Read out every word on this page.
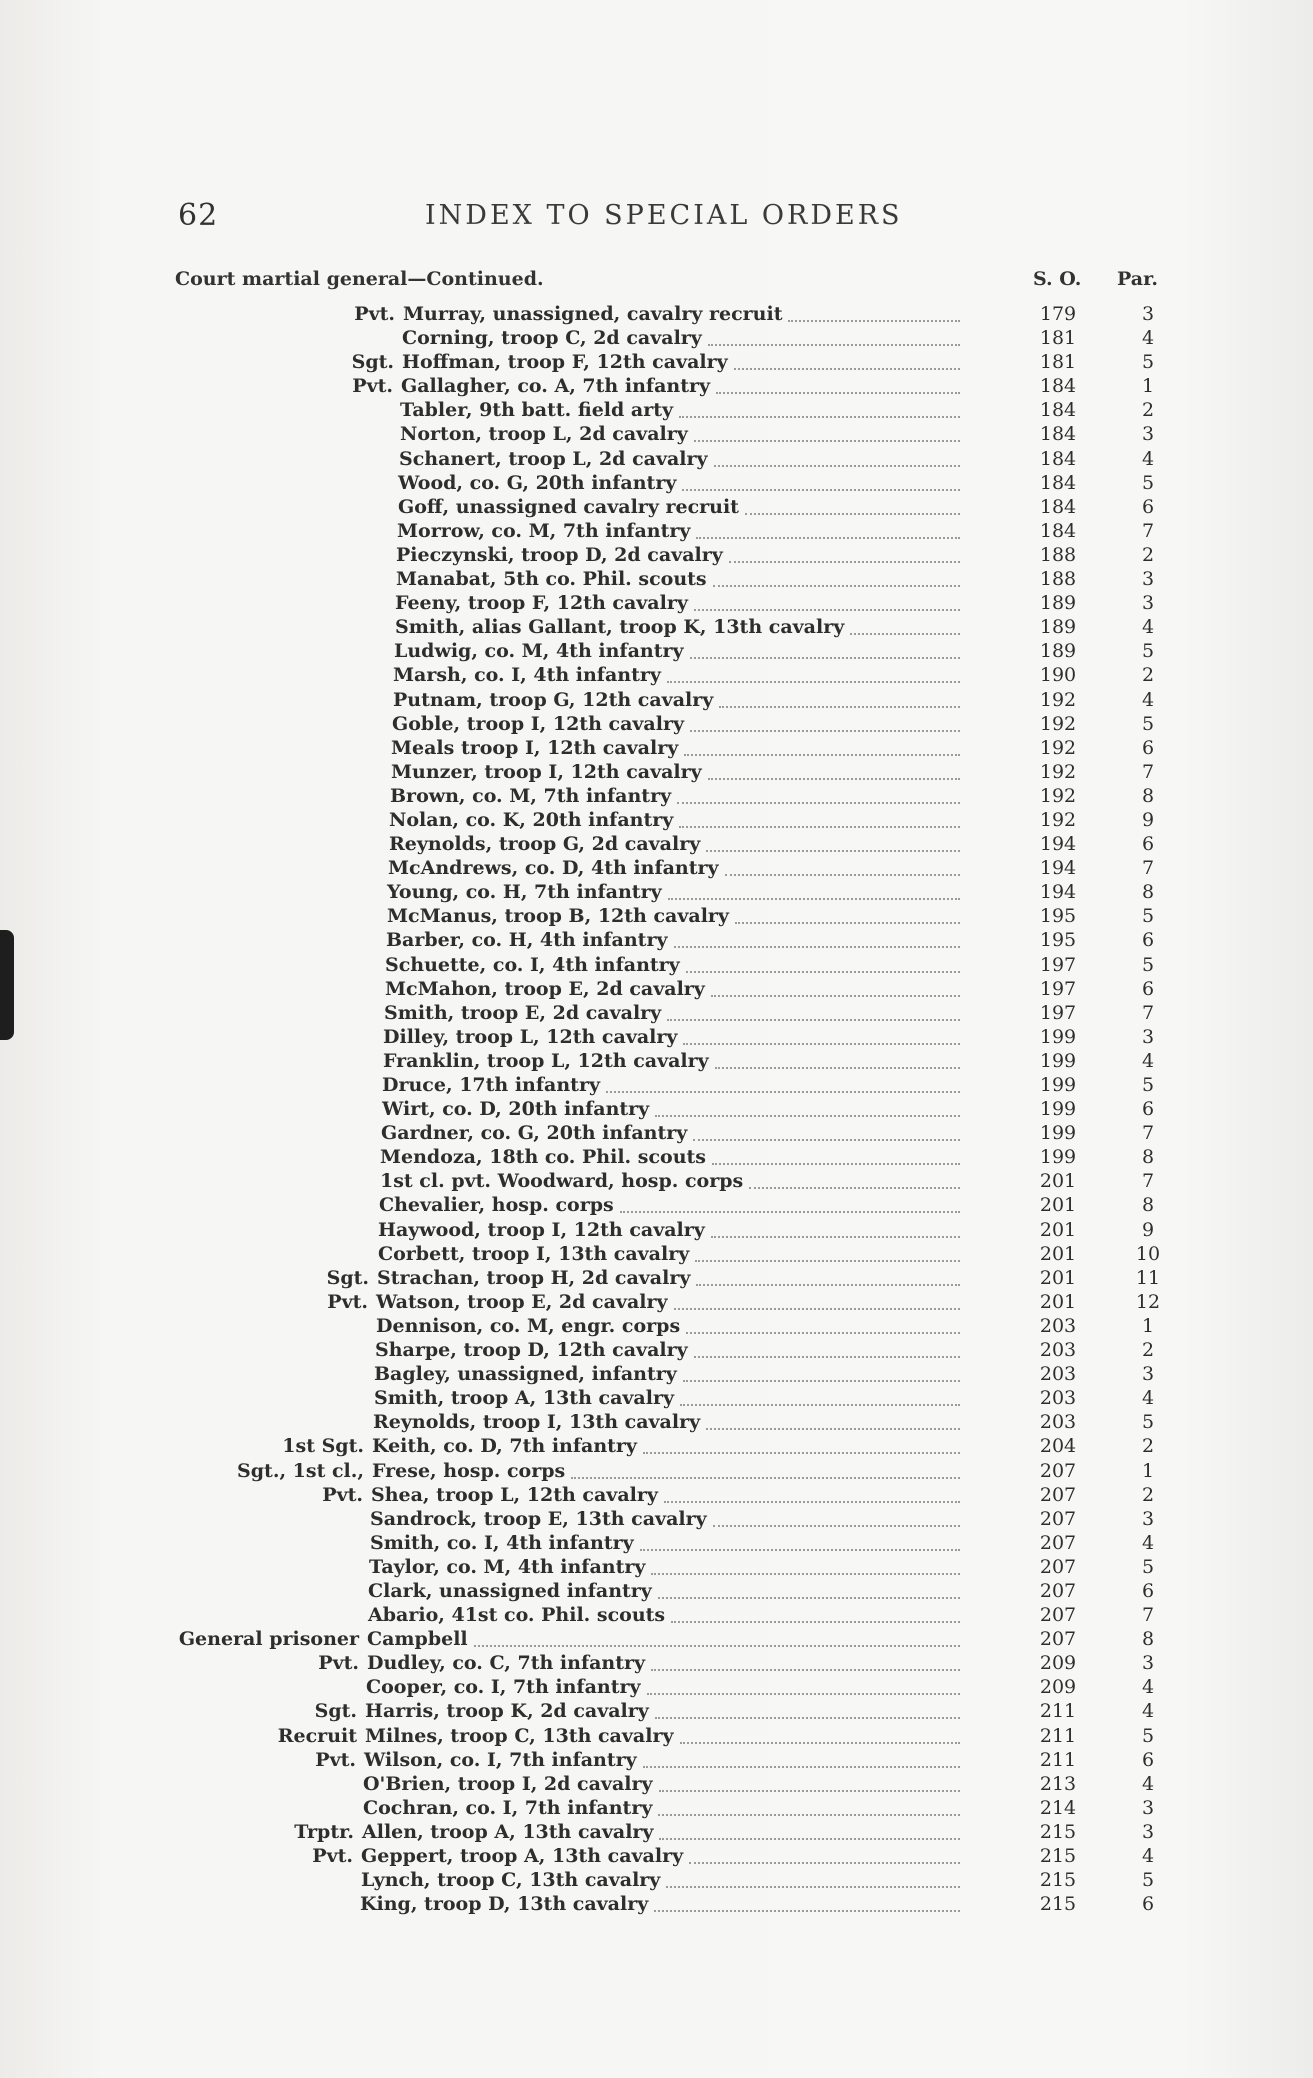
62	INDEX TO SPECIAL ORDERS
Court martial general—Continued.	S. O. Par.
Pvt. Murray, unassigned, cavalry recruit	179	3
Corning, troop C, 2d cavalry	181	4
Sgt. Hoffman, troop F, 12th cavalry	181	5
Pvt. Gallagher, co. A, 7th infantry	184	1
Tabler, 9th batt. field arty	184	2
Norton, troop L, 2d cavalry	184	3
Schanert, troop L, 2d cavalry	184	4
Wood, co. G, 20th infantry	184	5
Goff, unassigned cavalry recruit	184	6
Morrow, co. M, 7th infantry	184	7
Pieczynski, troop D, 2d cavalry	188	2
Manabat, 5th co. Phil. scouts	188	3
Feeny, troop F, 12th cavalry	189	3
Smith, alias Gallant, troop K, 13th cavalry	189	4
Ludwig, co. M, 4th infantry	189	5
Marsh, co. I, 4th infantry	190	2
Putnam, troop G, 12th cavalry	192	4
Goble, troop I, 12th cavalry	192	5
Meals troop I, 12th cavalry	192	6
Munzer, troop I, 12th cavalry	192	7
Brown, co. M, 7th infantry	192	8
Nolan, co. K, 20th infantry	192	9
Reynolds, troop G, 2d cavalry	194	6
McAndrews, co. D, 4th infantry	194	7
Young, co. H, 7th infantry	194	8
McManus, troop B, 12th cavalry	195	5
Barber, co. H, 4th infantry	195	6
Schuette, co. I, 4th infantry	197	5
McMahon, troop E, 2d cavalry	197	6
Smith, troop E, 2d cavalry	197	7
Dilley, troop L, 12th cavalry	199	3
Franklin, troop L, 12th cavalry	199	4
Druce, 17th infantry	199	5
Wirt, co. D, 20th infantry	199	6
Gardner, co. G, 20th infantry	199	7
Mendoza, 18th co. Phil. scouts	199	8
1st cl. pvt. Woodward, hosp. corps	201	7
Chevalier, hosp. corps	201	8
Haywood, troop I, 12th cavalry	201	9
Corbett, troop I, 13th cavalry	201	10
Sgt. Strachan, troop H, 2d cavalry	201	11
Pvt. Watson, troop E, 2d cavalry	201	12
Dennison, co. M, engr. corps	203	1
Sharpe, troop D, 12th cavalry	203	2
Bagley, unassigned, infantry	203	3
Smith, troop A, 13th cavalry	203	4
Reynolds, troop I, 13th cavalry	203	5
1st Sgt. Keith, co. D, 7th infantry	204	2
Sgt., 1st cl., Frese, hosp. corps	207	1
Pvt. Shea, troop L, 12th cavalry	207	2
Sandrock, troop E, 13th cavalry	207	3
Smith, co. I, 4th infantry	207	4
Taylor, co. M, 4th infantry	207	5
Clark, unassigned infantry	207	6
Abario, 41st co. Phil. scouts	207	7
General prisoner Campbell	207	8
Pvt. Dudley, co. C, 7th infantry	209	3
Cooper, co. I, 7th infantry	209	4
Sgt. Harris, troop K, 2d cavalry	211	4
Recruit Milnes, troop C, 13th cavalry	211	5
Pvt. Wilson, co. I, 7th infantry	211	6
O'Brien, troop I, 2d cavalry	213	4
Cochran, co. I, 7th infantry	214	3
Trptr. Allen, troop A, 13th cavalry	215	3
Pvt. Geppert, troop A, 13th cavalry	215	4
Lynch, troop C, 13th cavalry	215	5
King, troop D, 13th cavalry	215	6
